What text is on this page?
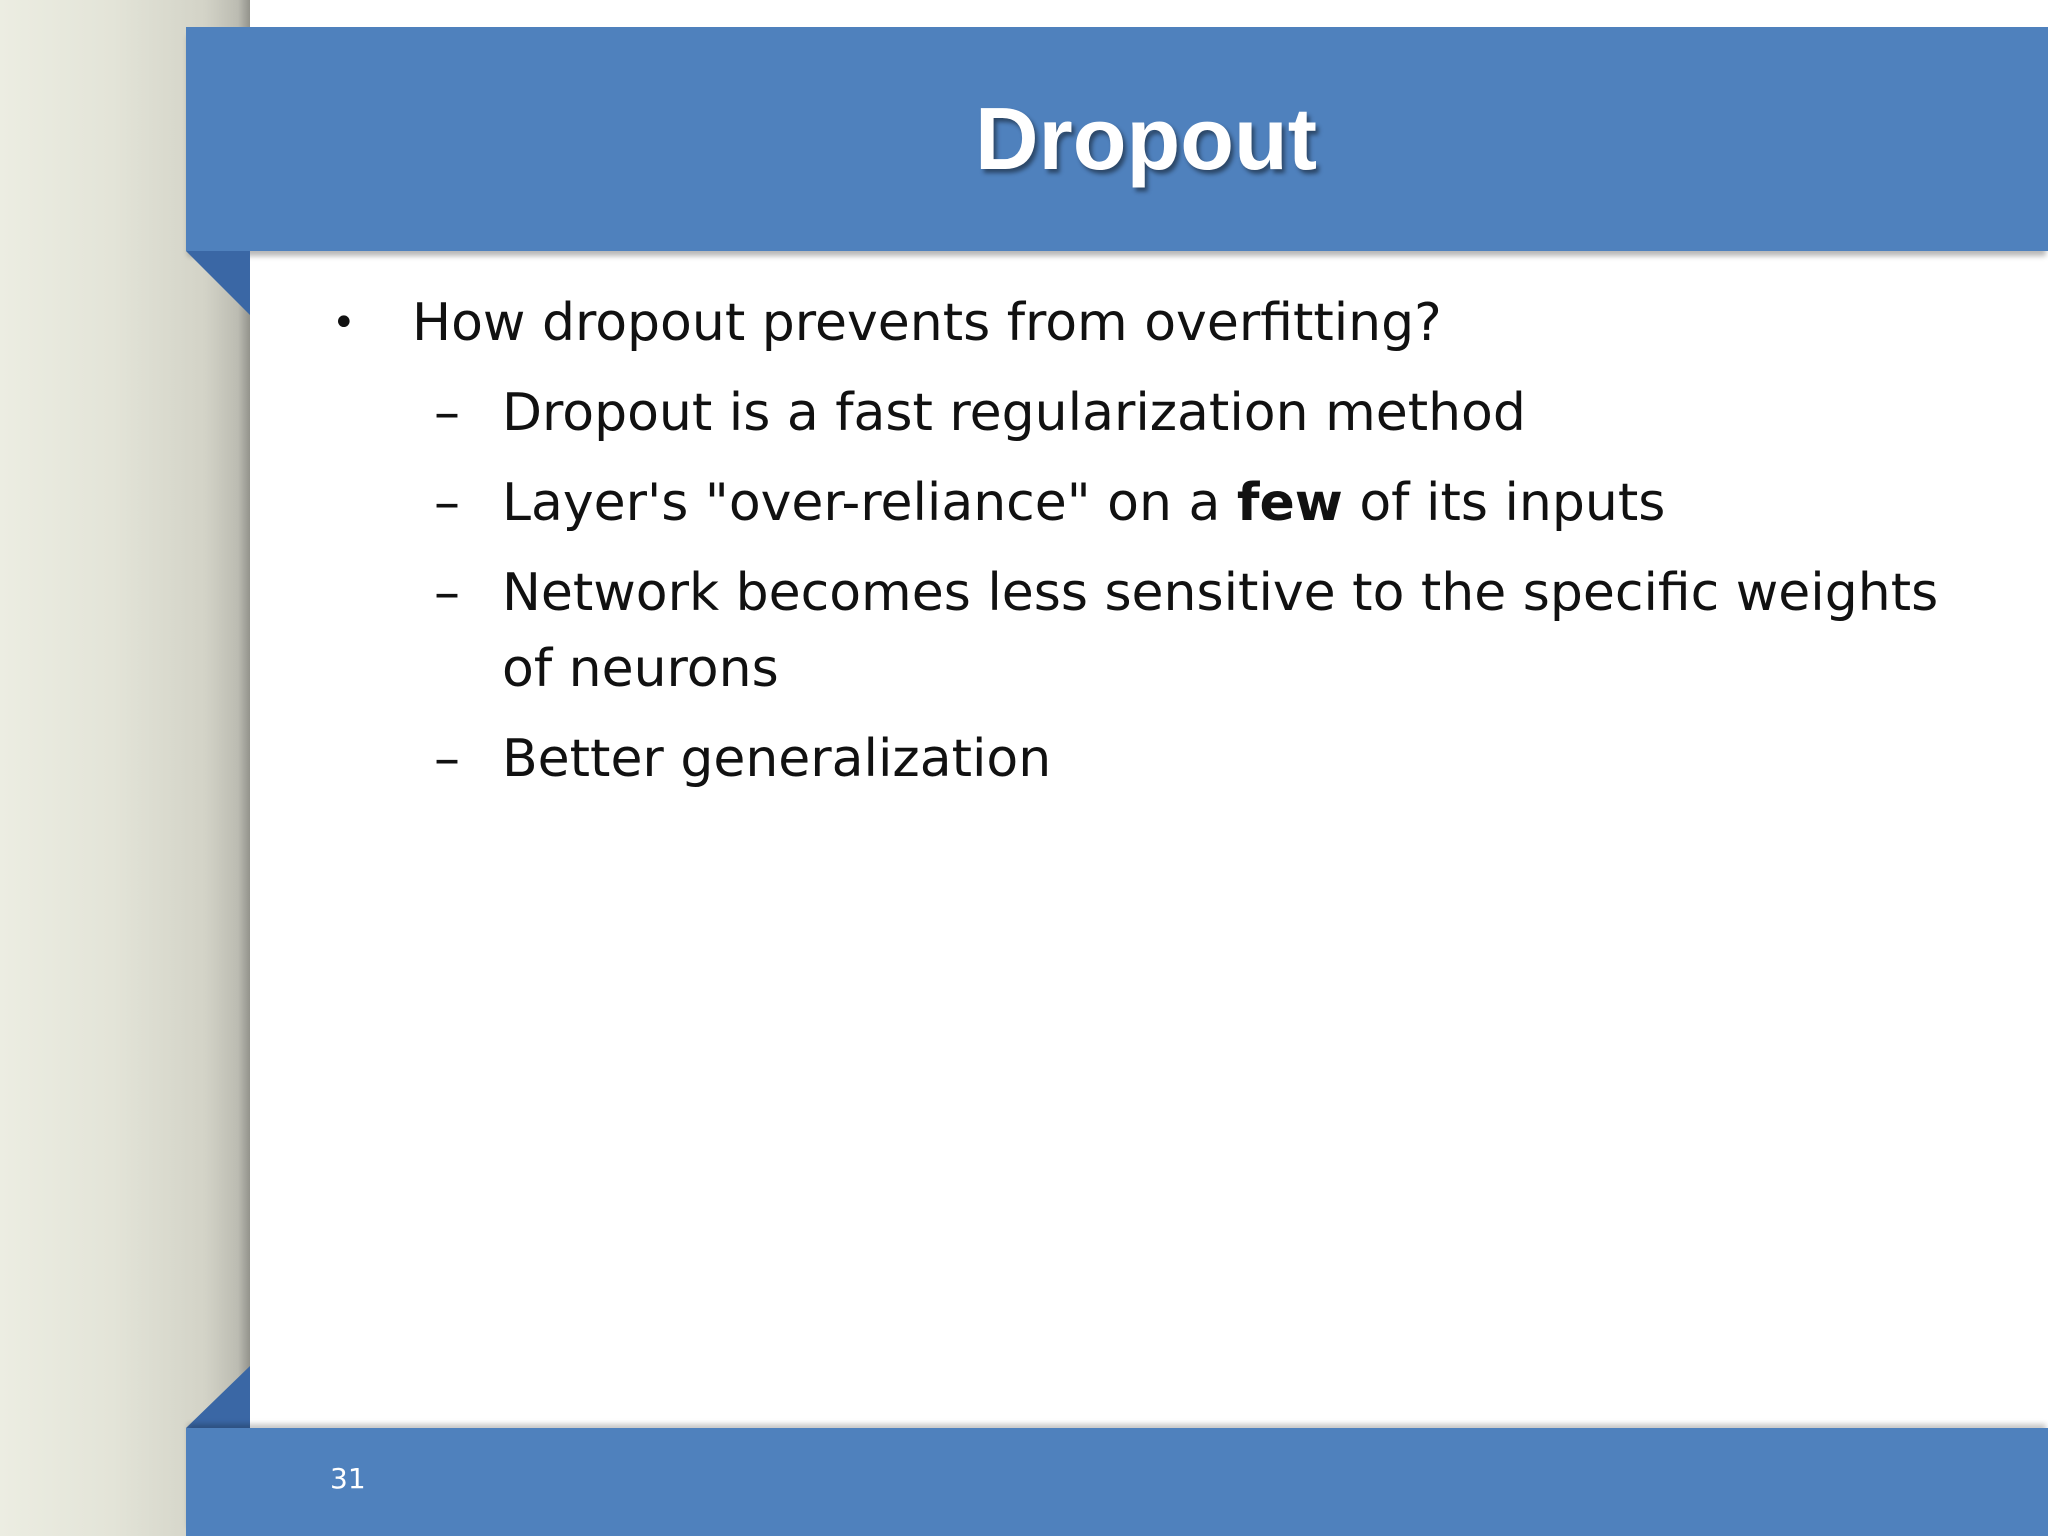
Dropout
• How dropout prevents from overfitting?
– Dropout is a fast regularization method
– Layer's "over-reliance" on a few of its inputs
– Network becomes less sensitive to the specific weights of neurons
– Better generalization
31
